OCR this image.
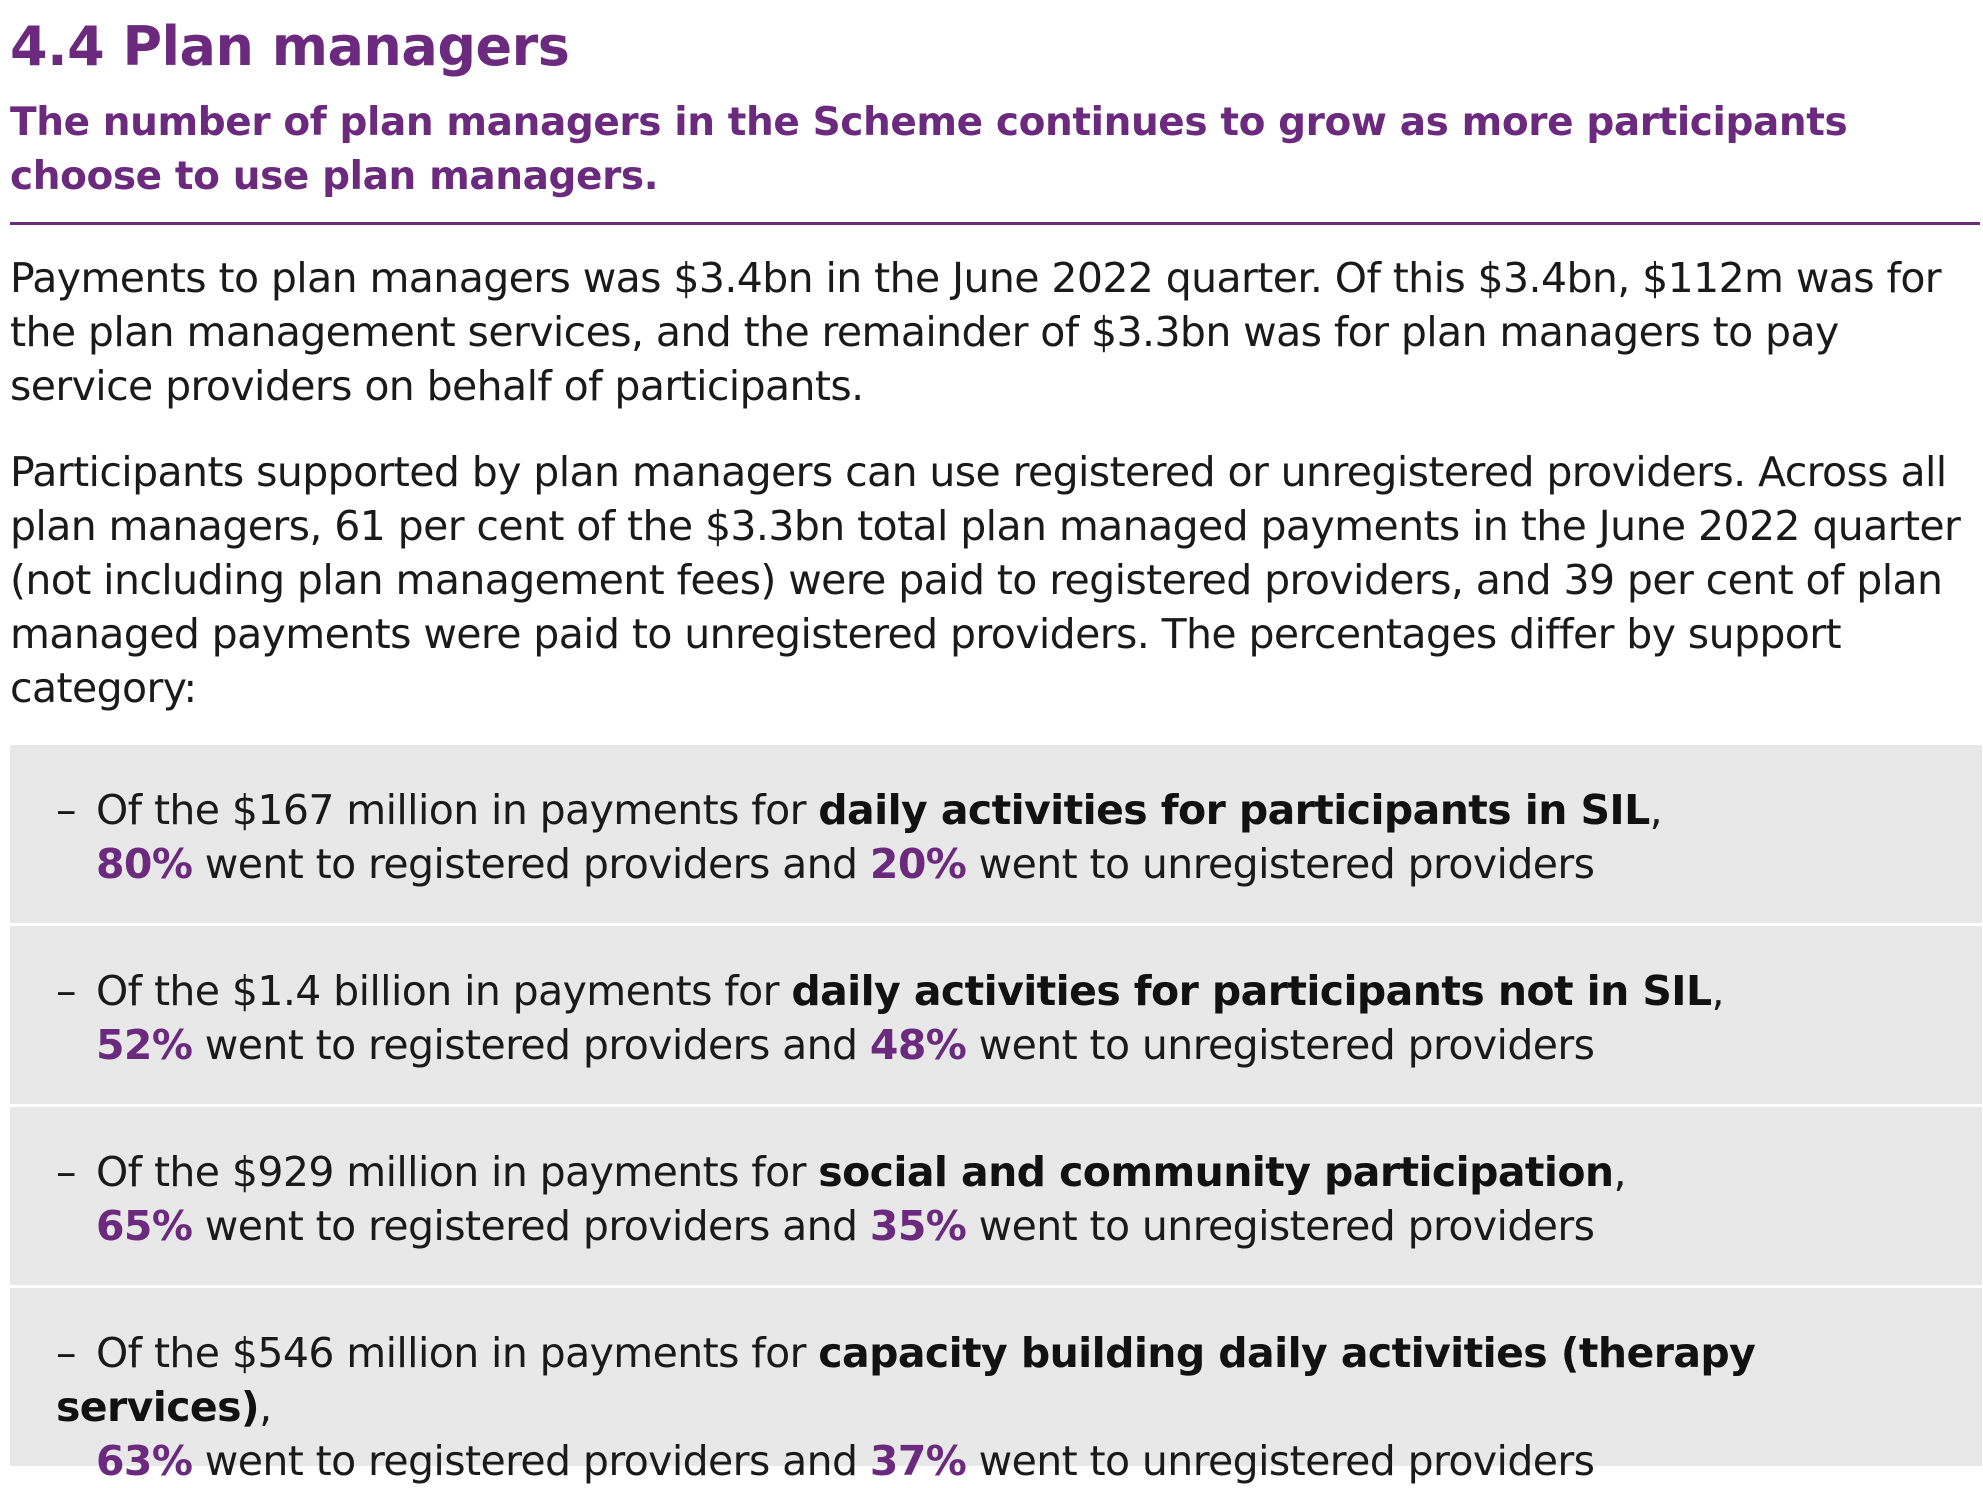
4.4 Plan managers

The number of plan managers in the Scheme continues to grow as more participants choose to use plan managers.

Payments to plan managers was $3.4bn in the June 2022 quarter. Of this $3.4bn, $112m was for the plan management services, and the remainder of $3.3bn was for plan managers to pay service providers on behalf of participants.

Participants supported by plan managers can use registered or unregistered providers. Across all plan managers, 61 per cent of the $3.3bn total plan managed payments in the June 2022 quarter (not including plan management fees) were paid to registered providers, and 39 per cent of plan managed payments were paid to unregistered providers. The percentages differ by support category:

– Of the $167 million in payments for daily activities for participants in SIL,
80% went to registered providers and 20% went to unregistered providers
– Of the $1.4 billion in payments for daily activities for participants not in SIL,
52% went to registered providers and 48% went to unregistered providers
– Of the $929 million in payments for social and community participation,
65% went to registered providers and 35% went to unregistered providers
– Of the $546 million in payments for capacity building daily activities (therapy services),
63% went to registered providers and 37% went to unregistered providers
